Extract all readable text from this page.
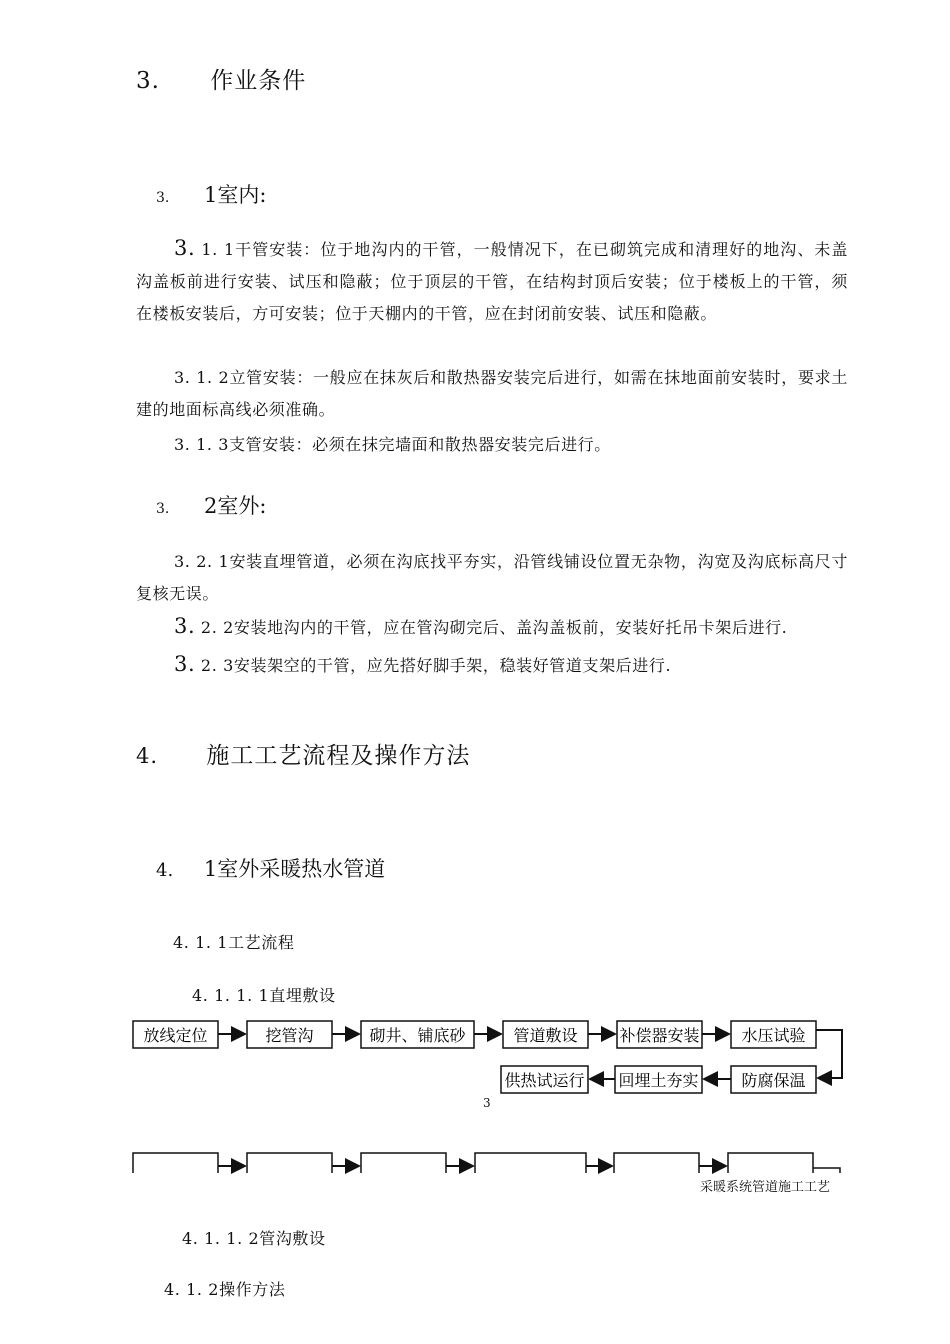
3. 作业条件
3. 1室内:
3. 1. 1干管安装：位于地沟内的干管，一般情况下，在已砌筑完成和清理好的地沟、未盖沟盖板前进行安装、试压和隐蔽；位于顶层的干管，在结构封顶后安装；位于楼板上的干管，须在楼板安装后，方可安装；位于天棚内的干管，应在封闭前安装、试压和隐蔽。
3. 1. 2立管安装：一般应在抹灰后和散热器安装完后进行，如需在抹地面前安装时，要求土建的地面标高线必须准确。
3. 1. 3支管安装：必须在抹完墙面和散热器安装完后进行。
3. 2室外:
3. 2. 1安装直埋管道，必须在沟底找平夯实，沿管线铺设位置无杂物，沟宽及沟底标高尺寸复核无误。
3. 2. 2安装地沟内的干管，应在管沟砌完后、盖沟盖板前，安装好托吊卡架后进行.
3. 2. 3安装架空的干管，应先搭好脚手架，稳装好管道支架后进行.
4. 施工工艺流程及操作方法
4. 1室外采暖热水管道
4. 1. 1工艺流程
4. 1. 1. 1直埋敷设
放线定位	挖管沟	砌井、铺底砂	管道敷设	补偿器安装	水压试验
防腐保温
回埋土夯实
供热试运行
3
采暖系统管道施工工艺
4. 1. 1. 2管沟敷设
4. 1. 2操作方法
